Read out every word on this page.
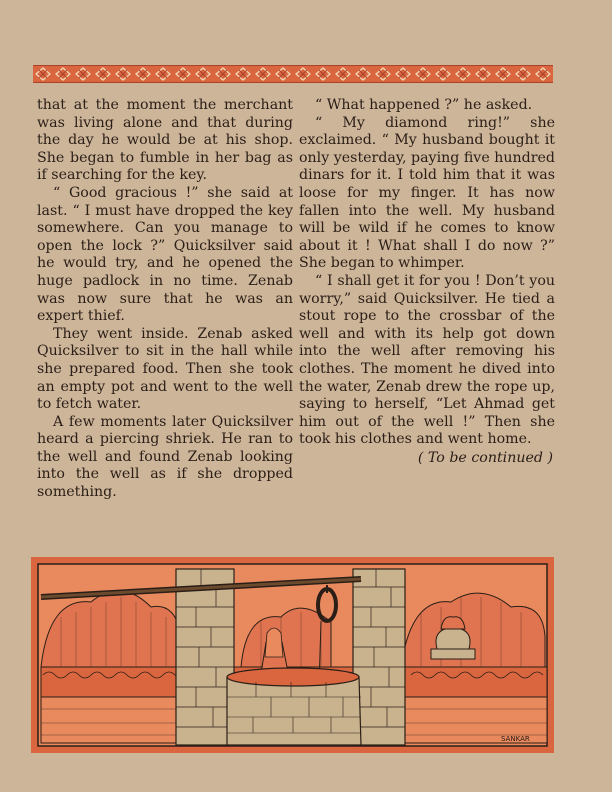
that at the moment the merchant was living alone and that during the day he would be at his shop. She began to fumble in her bag as if searching for the key.

“ Good gracious !” she said at last. “ I must have dropped the key somewhere. Can you manage to open the lock ?” Quicksilver said he would try, and he opened the huge padlock in no time. Zenab was now sure that he was an expert thief.

They went inside. Zenab asked Quicksilver to sit in the hall while she prepared food. Then she took an empty pot and went to the well to fetch water.

A few moments later Quicksilver heard a piercing shriek. He ran to the well and found Zenab looking into the well as if she dropped something.

“ What happened ?” he asked.

“ My diamond ring!” she exclaimed. “ My husband bought it only yesterday, paying five hundred dinars for it. I told him that it was loose for my finger. It has now fallen into the well. My husband will be wild if he comes to know about it ! What shall I do now ?” She began to whimper.

“ I shall get it for you ! Don’t you worry,” said Quicksilver. He tied a stout rope to the crossbar of the well and with its help got down into the well after removing his clothes. The moment he dived into the water, Zenab drew the rope up, saying to herself, “Let Ahmad get him out of the well !” Then she took his clothes and went home.

( To be continued )
SANKAR
